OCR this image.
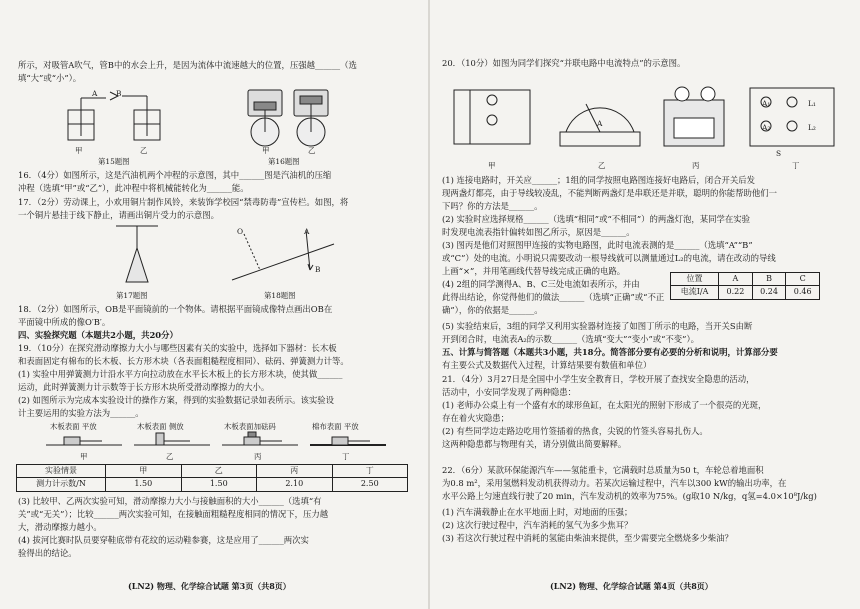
所示，对吸管A吹气，管B中的水会上升，是因为流体中流速越大的位置，压强越______（选
填“大”或“小”）。
A	B
甲	乙
第15题图
甲	乙
第16题图
16．（4分）如图所示，这是汽油机两个冲程的示意图，其中______图是汽油机的压缩
冲程（选填“甲”或“乙”），此冲程中将机械能转化为______能。
17．（2分）劳动课上，小欢用铜片制作风铃，来装饰学校园“禁毒防毒”宣传栏。如图，将
一个铜片悬挂于线下静止，请画出铜片受力的示意图。
第17题图
O	A
B
第18题图
18．（2分）如图所示，OB是平面镜前的一个物体。请根据平面镜成像特点画出OB在
平面镜中所成的像O′B′。
四、实验探究题（本题共2小题，共20分）
19．（10分）在探究滑动摩擦力大小与哪些因素有关的实验中，选择如下器材：长木板
和表面固定有棉布的长木板、长方形木块（各表面粗糙程度相同）、砝码、弹簧测力计等。
(1) 实验中用弹簧测力计沿水平方向拉动放在水平长木板上的长方形木块，使其做______
运动，此时弹簧测力计示数等于长方形木块所受滑动摩擦力的大小。
(2) 如图所示为完成本实验设计的操作方案，得到的实验数据记录如表所示。该实验设
计主要运用的实验方法为______。
木板表面 平放	木板表面 侧放	木板表面加砝码	棉布表面 平放
甲	乙	丙	丁
实验情景	甲	乙	丙	丁
测力计示数/N	1.50	1.50	2.10	2.50
(3) 比较甲、乙两次实验可知，滑动摩擦力大小与接触面积的大小______（选填“有
关”或“无关”）；比较______两次实验可知，在接触面粗糙程度相同的情况下，压力越
大，滑动摩擦力越小。
(4) 拔河比赛时队员要穿鞋底带有花纹的运动鞋参赛，这是应用了______两次实
验得出的结论。
(LN2) 物理、化学综合试题 第3页（共8页）
20．（10分）如图为同学们探究“并联电路中电流特点”的示意图。
A
A₁
A₂
L₁
L₂
S
甲	乙	丙	丁
(1) 连接电路时，开关应______；1组的同学按照电路图连接好电路后，闭合开关后发
现两盏灯都亮，由于导线较凌乱，不能判断两盏灯是串联还是并联，聪明的你能帮助他们一
下吗？你的方法是______。
(2) 实验时应选择规格______（选填“相同”或“不相同”）的两盏灯泡，某同学在实验
时发现电流表指针偏转如图乙所示，原因是______。
(3) 图丙是他们对照图甲连接的实物电路图，此时电流表测的是______（选填“A”“B”
或“C”）处的电流。小明说只需要改动一根导线就可以测量通过L₂的电流，请在改动的导线
上画“×”，并用笔画线代替导线完成正确的电路。
(4) 2组的同学测得A、B、C三处电流如表所示，并由
此得出结论，你觉得他们的做法______（选填“正确”或“不正
确”），你的依据是______。
位置	A	B	C
电流I/A	0.22	0.24	0.46
(5) 实验结束后，3组的同学又利用实验器材连接了如图丁所示的电路，当开关S由断
开到闭合时，电流表A₂的示数______（选填“变大”“变小”或“不变”）。
五、计算与简答题（本题共3小题，共18分。简答部分要有必要的分析和说明，计算部分要
有主要公式及数据代入过程，计算结果要有数值和单位）
21．（4分）3月27日是全国中小学生安全教育日，学校开展了查找安全隐患的活动，
活动中，小安同学发现了两种隐患：
(1) 老师办公桌上有一个盛有水的球形鱼缸，在太阳光的照射下形成了一个很亮的光斑，
存在着火灾隐患；
(2) 有些同学边走路边吃用竹签插着的热食，尖锐的竹签头容易扎伤人。
这两种隐患都与物理有关，请分别做出简要解释。
22．（6分）某款环保能源汽车——氢能重卡，它满载时总质量为50 t，车轮总着地面积
为0.8 m²，采用氢燃料发动机获得动力。若某次运输过程中，汽车以300 kW的输出功率，在
水平公路上匀速直线行驶了20 min，汽车发动机的效率为75%。(g取10 N/kg，q氢=4.0×10⁸J/kg)
(1) 汽车满载静止在水平地面上时，对地面的压强；
(2) 这次行驶过程中，汽车消耗的氢气为多少焦耳？
(3) 若这次行驶过程中消耗的氢能由柴油来提供，至少需要完全燃烧多少柴油？
(LN2) 物理、化学综合试题 第4页（共8页）
